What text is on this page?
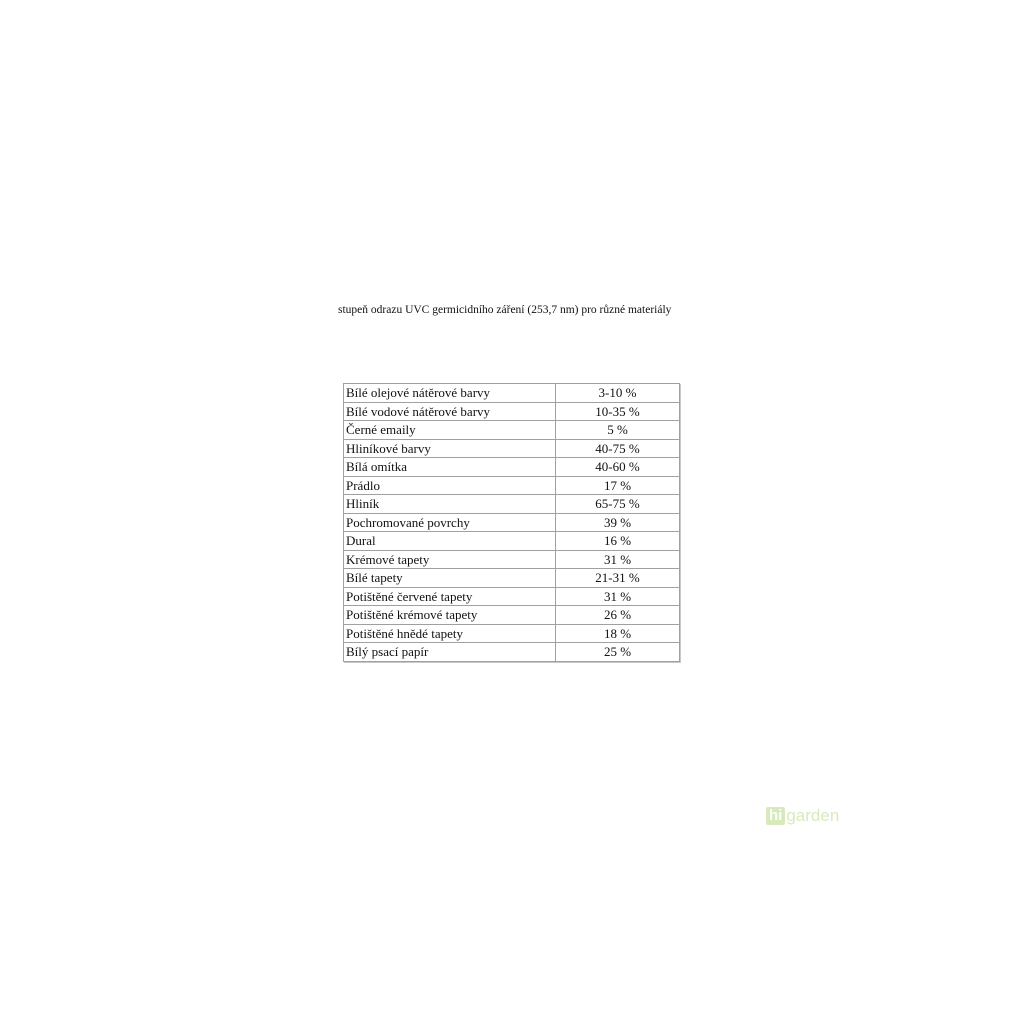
stupeň odrazu UVC germicidního záření (253,7 nm) pro různé materiály
Bílé olejové nátěrové barvy	3-10 %
Bílé vodové nátěrové barvy	10-35 %
Černé emaily	5 %
Hliníkové barvy	40-75 %
Bílá omítka	40-60 %
Prádlo	17 %
Hliník	65-75 %
Pochromované povrchy	39 %
Dural	16 %
Krémové tapety	31 %
Bílé tapety	21-31 %
Potištěné červené tapety	31 %
Potištěné krémové tapety	26 %
Potištěné hnědé tapety	18 %
Bílý psací papír	25 %
hi garden
